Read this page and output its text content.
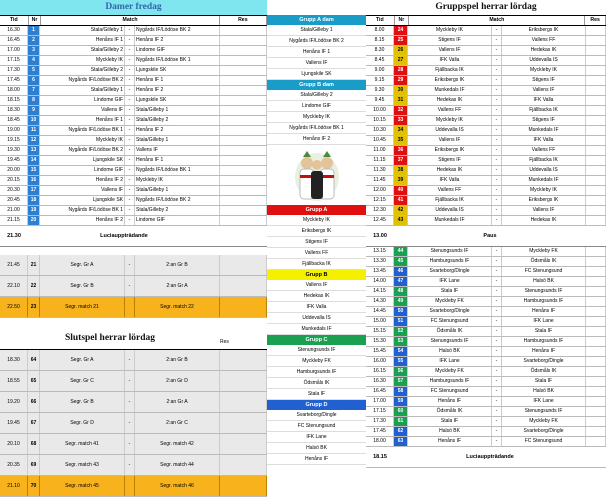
Damer fredag
Tid	Nr	Match	Res
16.30	1	Stala/Gilleby 1	-	Nygårds IF/Lödöse BK 2
16.45	2	Henåns IF 1	-	Henåns IF 2
17.00	3	Stala/Gilleby 2	-	Lindome GIF
17.15	4	Myckleby IK	-	Nygårds IF/Lödöse BK 1
17.30	5	Stala/Gilleby 2	-	Ljungskile SK
17.45	6	Nygårds IF/Lödöse BK 2	-	Henåns IF 1
18.00	7	Stala/Gilleby 1	-	Henåns IF 2
18.15	8	Lindome GIF	-	Ljungskile SK
18.30	9	Vallens IF	-	Stala/Gilleby 1
18.45	10	Henåns IF 1	-	Stala/Gilleby 2
19.00	11	Nygårds IF/Lödöse BK 1	-	Henåns IF 2
19.15	12	Myckleby IK	-	Stala/Gilleby 1
19.30	13	Nygårds IF/Lödöse BK 2	-	Vallens IF
19.45	14	Ljungskile SK	-	Henåns IF 1
20.00	15	Lindome GIF	-	Nygårds IF/Lödöse BK 1
20.15	16	Henåns IF 2	-	Myckleby IK
20.30	17	Vallens IF	-	Stala/Gilleby 1
20.45	18	Ljungskile SK	-	Nygårds IF/Lödöse BK 2
21.00	19	Nygårds IF/Lödöse BK 1	-	Stala/Gilleby 2
21.15	20	Henåns IF 2	-	Lindome GIF
21.30	Luciauppträdande
21.45	21	Segr. Gr A	-	2:an Gr B
22.10	22	Segr. Gr B	-	2:an Gr A
22.50	23	Segr. match 21	Segr. match 22
Slutspel herrar lördag	Res
18.30	64	Segr. Gr A	-	2:an Gr B
18.55	65	Segr. Gr C	-	2:an Gr D
19.20	66	Segr. Gr B	-	2:an Gr A
19.45	67	Segr. Gr D	-	2:an Gr C
20.10	68	Segr. match 41	-	Segr. match 42
20.35	69	Segr. match 43	-	Segr. match 44
21.10	70	Segr. match 45	Segr. match 46
Grupp A dam
Stala/Gilleby 1
Nygårds IF/Lödöse BK 2
Henåns IF 1
Vallens IF
Ljungskile SK
Grupp B dam
Stala/Gilleby 2
Lindome GIF
Myckleby IK
Nygårds IF/Lödöse BK 1
Henåns IF 2
Grupp A
Myckleby IK
Eriksbergs IK
Stigens IF
Vallens FF
Fjällbacka IK
Grupp B
Vallens IF
Hedekas IK
IFK Valla
Uddevalla IS
Munkedals IF
Grupp C
Stenungsunds IF
Myckleby FK
Hamburgsunds IF
Ödsmåls IK
Stala IF
Grupp D
Svarteborg/Dingle
FC Stenungsund
IFK Lane
Halsö BK
Henåns IF
Gruppspel herrar lördag
Tid	Nr	Match	Res
8.00	24	Myckleby IK	-	Eriksbergs IK
8.15	25	Stigens IF	-	Vallens FF
8.30	26	Vallens IF	-	Hedekas IK
8.45	27	IFK Valla	-	Uddevalla IS
9.00	28	Fjällbacka IK	-	Myckleby IK
9.15	29	Eriksbergs IK	-	Stigens IF
9.30	30	Munkedals IF	-	Vallens IF
9.45	31	Hedekas IK	-	IFK Valla
10.00	32	Vallens FF	-	Fjällbacka IK
10.15	33	Myckleby IK	-	Stigens IF
10.30	34	Uddevalla IS	-	Munkedals IF
10.45	35	Vallens IF	-	IFK Valla
11.00	36	Eriksbergs IK	-	Vallens FF
11.15	37	Stigens IF	-	Fjällbacka IK
11.30	38	Hedekas IK	-	Uddevalla IS
11.45	39	IFK Valla	-	Munkedals IF
12.00	40	Vallens FF	-	Myckleby IK
12.15	41	Fjällbacka IK	-	Eriksbergs IK
12.30	42	Uddevalla IS	-	Vallens IF
12.45	43	Munkedals IF	-	Hedekas IK
13.00	Paus
13.15	44	Stenungsunds IF	-	Myckleby FK
13.30	45	Hamburgsunds IF	-	Ödsmåls IK
13.45	46	Svarteborg/Dingle	-	FC Stenungsund
14.00	47	IFK Lane	-	Halsö BK
14.15	48	Stala IF	-	Stenungsunds IF
14.30	49	Myckleby FK	-	Hamburgsunds IF
14.45	50	Svarteborg/Dingle	-	Henåns IF
15.00	51	FC Stenungsund	-	IFK Lane
15.15	52	Ödsmåls IK	-	Stala IF
15.30	53	Stenungsunds IF	-	Hamburgsunds IF
15.45	54	Halsö BK	-	Henåns IF
16.00	55	IFK Lane	-	Svarteborg/Dingle
16.15	56	Myckleby FK	-	Ödsmåls IK
16.30	57	Hamburgsunds IF	-	Stala IF
16.45	58	FC Stenungsund	-	Halsö BK
17.00	59	Henåns IF	-	IFK Lane
17.15	60	Ödsmåls IK	-	Stenungsunds IF
17.30	61	Stala IF	-	Myckleby FK
17.45	62	Halsö BK	-	Svarteborg/Dingle
18.00	63	Henåns IF	-	FC Stenungsund
18.15	Luciauppträdande
